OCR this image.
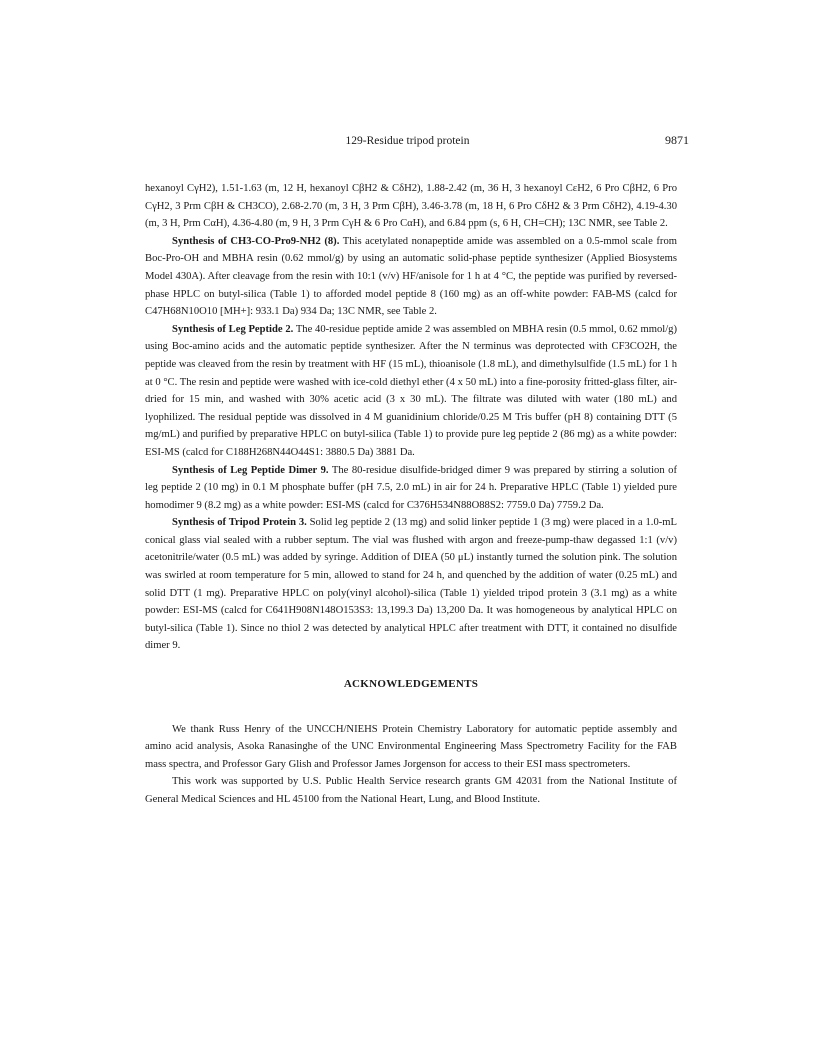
129-Residue tripod protein	9871

hexanoyl CγH2), 1.51-1.63 (m, 12 H, hexanoyl CβH2 & CδH2), 1.88-2.42 (m, 36 H, 3 hexanoyl CεH2, 6 Pro CβH2, 6 Pro CγH2, 3 Prm CβH & CH3CO), 2.68-2.70 (m, 3 H, 3 Prm CβH), 3.46-3.78 (m, 18 H, 6 Pro CδH2 & 3 Prm CδH2), 4.19-4.30 (m, 3 H, Prm CαH), 4.36-4.80 (m, 9 H, 3 Prm CγH & 6 Pro CαH), and 6.84 ppm (s, 6 H, CH=CH); 13C NMR, see Table 2.

Synthesis of CH3-CO-Pro9-NH2 (8). This acetylated nonapeptide amide was assembled on a 0.5-mmol scale from Boc-Pro-OH and MBHA resin (0.62 mmol/g) by using an automatic solid-phase peptide synthesizer (Applied Biosystems Model 430A). After cleavage from the resin with 10:1 (v/v) HF/anisole for 1 h at 4 °C, the peptide was purified by reversed-phase HPLC on butyl-silica (Table 1) to afforded model peptide 8 (160 mg) as an off-white powder: FAB-MS (calcd for C47H68N10O10 [MH+]: 933.1 Da) 934 Da; 13C NMR, see Table 2.

Synthesis of Leg Peptide 2. The 40-residue peptide amide 2 was assembled on MBHA resin (0.5 mmol, 0.62 mmol/g) using Boc-amino acids and the automatic peptide synthesizer. After the N terminus was deprotected with CF3CO2H, the peptide was cleaved from the resin by treatment with HF (15 mL), thioanisole (1.8 mL), and dimethylsulfide (1.5 mL) for 1 h at 0 °C. The resin and peptide were washed with ice-cold diethyl ether (4 x 50 mL) into a fine-porosity fritted-glass filter, air-dried for 15 min, and washed with 30% acetic acid (3 x 30 mL). The filtrate was diluted with water (180 mL) and lyophilized. The residual peptide was dissolved in 4 M guanidinium chloride/0.25 M Tris buffer (pH 8) containing DTT (5 mg/mL) and purified by preparative HPLC on butyl-silica (Table 1) to provide pure leg peptide 2 (86 mg) as a white powder: ESI-MS (calcd for C188H268N44O44S1: 3880.5 Da) 3881 Da.

Synthesis of Leg Peptide Dimer 9. The 80-residue disulfide-bridged dimer 9 was prepared by stirring a solution of leg peptide 2 (10 mg) in 0.1 M phosphate buffer (pH 7.5, 2.0 mL) in air for 24 h. Preparative HPLC (Table 1) yielded pure homodimer 9 (8.2 mg) as a white powder: ESI-MS (calcd for C376H534N88O88S2: 7759.0 Da) 7759.2 Da.

Synthesis of Tripod Protein 3. Solid leg peptide 2 (13 mg) and solid linker peptide 1 (3 mg) were placed in a 1.0-mL conical glass vial sealed with a rubber septum. The vial was flushed with argon and freeze-pump-thaw degassed 1:1 (v/v) acetonitrile/water (0.5 mL) was added by syringe. Addition of DIEA (50 μL) instantly turned the solution pink. The solution was swirled at room temperature for 5 min, allowed to stand for 24 h, and quenched by the addition of water (0.25 mL) and solid DTT (1 mg). Preparative HPLC on poly(vinyl alcohol)-silica (Table 1) yielded tripod protein 3 (3.1 mg) as a white powder: ESI-MS (calcd for C641H908N148O153S3: 13,199.3 Da) 13,200 Da. It was homogeneous by analytical HPLC on butyl-silica (Table 1). Since no thiol 2 was detected by analytical HPLC after treatment with DTT, it contained no disulfide dimer 9.

ACKNOWLEDGEMENTS

We thank Russ Henry of the UNCCH/NIEHS Protein Chemistry Laboratory for automatic peptide assembly and amino acid analysis, Asoka Ranasinghe of the UNC Environmental Engineering Mass Spectrometry Facility for the FAB mass spectra, and Professor Gary Glish and Professor James Jorgenson for access to their ESI mass spectrometers.

This work was supported by U.S. Public Health Service research grants GM 42031 from the National Institute of General Medical Sciences and HL 45100 from the National Heart, Lung, and Blood Institute.
